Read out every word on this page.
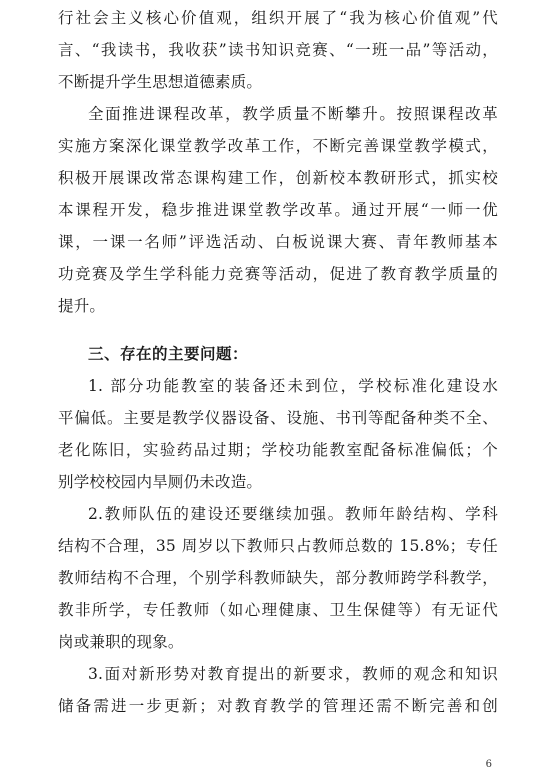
行社会主义核心价值观，组织开展了“我为核心价值观”代
言、“我读书，我收获”读书知识竞赛、“一班一品”等活动，
不断提升学生思想道德素质。
全面推进课程改革，教学质量不断攀升。按照课程改革
实施方案深化课堂教学改革工作，不断完善课堂教学模式，
积极开展课改常态课构建工作，创新校本教研形式，抓实校
本课程开发，稳步推进课堂教学改革。通过开展“一师一优
课，一课一名师”评选活动、白板说课大赛、青年教师基本
功竞赛及学生学科能力竞赛等活动，促进了教育教学质量的
提升。
三、存在的主要问题：
1. 部分功能教室的装备还未到位，学校标准化建设水
平偏低。主要是教学仪器设备、设施、书刊等配备种类不全、
老化陈旧，实验药品过期；学校功能教室配备标准偏低；个
别学校校园内旱厕仍未改造。
2.教师队伍的建设还要继续加强。教师年龄结构、学科
结构不合理，35 周岁以下教师只占教师总数的 15.8%；专任
教师结构不合理，个别学科教师缺失，部分教师跨学科教学，
教非所学，专任教师（如心理健康、卫生保健等）有无证代
岗或兼职的现象。
3.面对新形势对教育提出的新要求，教师的观念和知识
储备需进一步更新；对教育教学的管理还需不断完善和创
6
